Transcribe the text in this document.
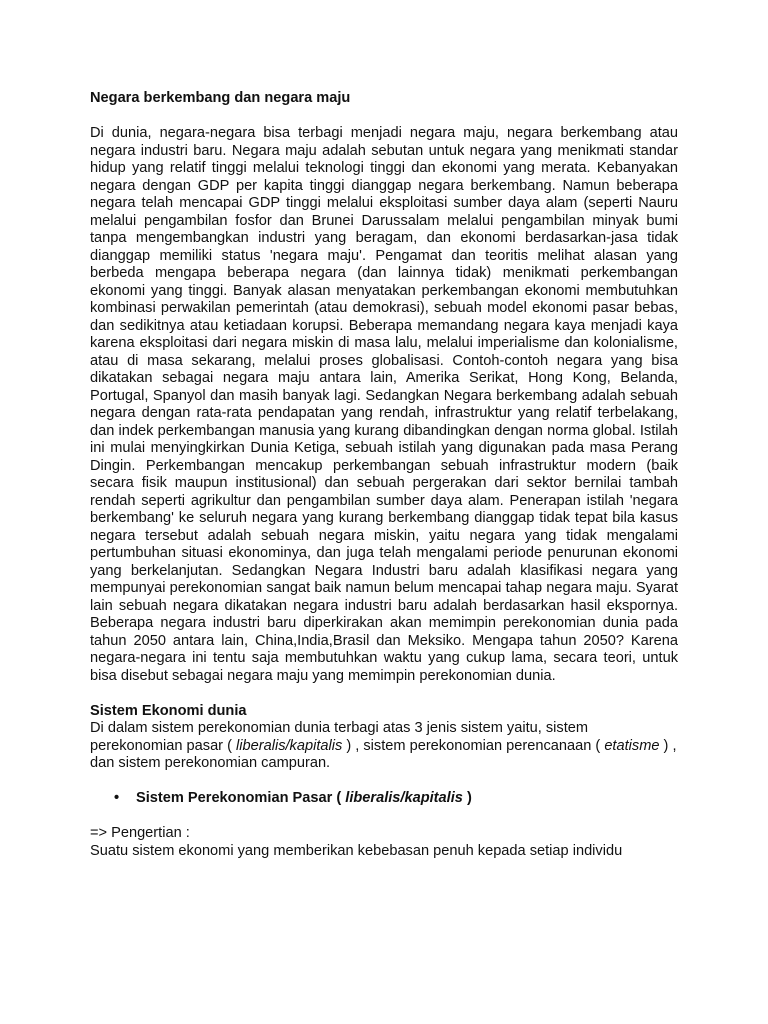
Negara berkembang dan negara maju

Di dunia, negara-negara bisa terbagi menjadi negara maju, negara berkembang atau negara industri baru. Negara maju adalah sebutan untuk negara yang menikmati standar hidup yang relatif tinggi melalui teknologi tinggi dan ekonomi yang merata. Kebanyakan negara dengan GDP per kapita tinggi dianggap negara berkembang. Namun beberapa negara telah mencapai GDP tinggi melalui eksploitasi sumber daya alam (seperti Nauru melalui pengambilan fosfor dan Brunei Darussalam melalui pengambilan minyak bumi tanpa mengembangkan industri yang beragam, dan ekonomi berdasarkan-jasa tidak dianggap memiliki status 'negara maju'. Pengamat dan teoritis melihat alasan yang berbeda mengapa beberapa negara (dan lainnya tidak) menikmati perkembangan ekonomi yang tinggi. Banyak alasan menyatakan perkembangan ekonomi membutuhkan kombinasi perwakilan pemerintah (atau demokrasi), sebuah model ekonomi pasar bebas, dan sedikitnya atau ketiadaan korupsi. Beberapa memandang negara kaya menjadi kaya karena eksploitasi dari negara miskin di masa lalu, melalui imperialisme dan kolonialisme, atau di masa sekarang, melalui proses globalisasi. Contoh-contoh negara yang bisa dikatakan sebagai negara maju antara lain, Amerika Serikat, Hong Kong, Belanda, Portugal, Spanyol dan masih banyak lagi. Sedangkan Negara berkembang adalah sebuah negara dengan rata-rata pendapatan yang rendah, infrastruktur yang relatif terbelakang, dan indek perkembangan manusia yang kurang dibandingkan dengan norma global. Istilah ini mulai menyingkirkan Dunia Ketiga, sebuah istilah yang digunakan pada masa Perang Dingin. Perkembangan mencakup perkembangan sebuah infrastruktur modern (baik secara fisik maupun institusional) dan sebuah pergerakan dari sektor bernilai tambah rendah seperti agrikultur dan pengambilan sumber daya alam. Penerapan istilah 'negara berkembang' ke seluruh negara yang kurang berkembang dianggap tidak tepat bila kasus negara tersebut adalah sebuah negara miskin, yaitu negara yang tidak mengalami pertumbuhan situasi ekonominya, dan juga telah mengalami periode penurunan ekonomi yang berkelanjutan. Sedangkan Negara Industri baru adalah klasifikasi negara yang mempunyai perekonomian sangat baik namun belum mencapai tahap negara maju. Syarat lain sebuah negara dikatakan negara industri baru adalah berdasarkan hasil ekspornya. Beberapa negara industri baru diperkirakan akan memimpin perekonomian dunia pada tahun 2050 antara lain, China,India,Brasil dan Meksiko. Mengapa tahun 2050? Karena negara-negara ini tentu saja membutuhkan waktu yang cukup lama, secara teori, untuk bisa disebut sebagai negara maju yang memimpin perekonomian dunia.

Sistem Ekonomi dunia

Di dalam sistem perekonomian dunia terbagi atas 3 jenis sistem yaitu, sistem perekonomian pasar ( liberalis/kapitalis ) , sistem perekonomian perencanaan ( etatisme ) , dan sistem perekonomian campuran.

• Sistem Perekonomian Pasar ( liberalis/kapitalis )

=> Pengertian :

Suatu sistem ekonomi yang memberikan kebebasan penuh kepada setiap individu
